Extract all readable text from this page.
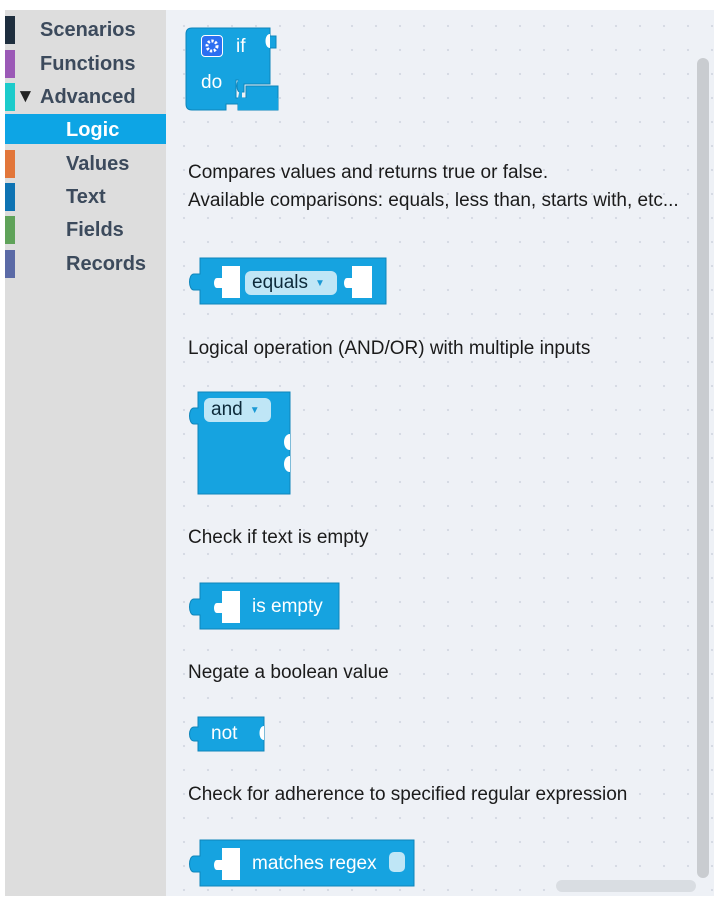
Scenarios
Functions
▼ Advanced
Logic
Values
Text
Fields
Records
if
do
Compares values and returns true or false.
Available comparisons: equals, less than, starts with, etc...
equals ▼
Logical operation (AND/OR) with multiple inputs
and ▼
Check if text is empty
is empty
Negate a boolean value
not
Check for adherence to specified regular expression
matches regex
